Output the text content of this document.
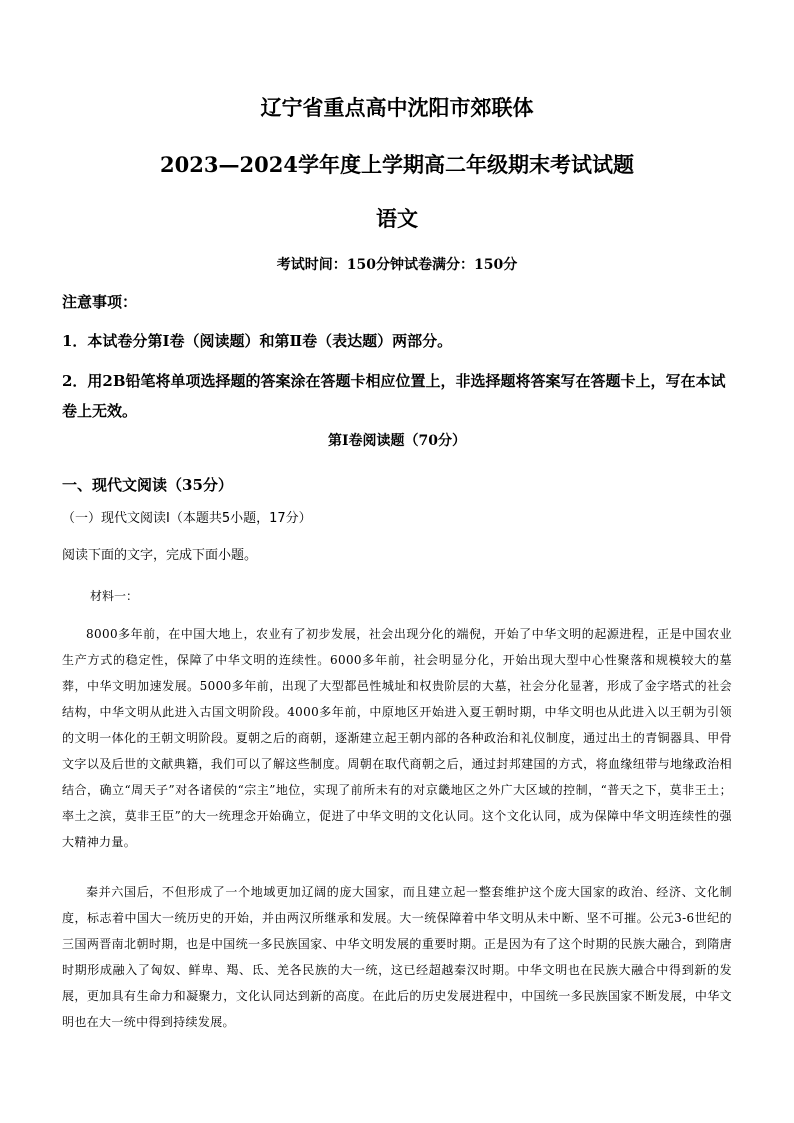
辽宁省重点高中沈阳市郊联体
2023—2024学年度上学期高二年级期末考试试题
语文
考试时间：150分钟试卷满分：150分
注意事项：
1．本试卷分第Ⅰ卷（阅读题）和第Ⅱ卷（表达题）两部分。
2．用2B铅笔将单项选择题的答案涂在答题卡相应位置上，非选择题将答案写在答题卡上，写在本试卷上无效。
第Ⅰ卷阅读题（70分）
一、现代文阅读（35分）
（一）现代文阅读Ⅰ（本题共5小题，17分）
阅读下面的文字，完成下面小题。
材料一：
8000多年前，在中国大地上，农业有了初步发展，社会出现分化的端倪，开始了中华文明的起源进程，正是中国农业生产方式的稳定性，保障了中华文明的连续性。6000多年前，社会明显分化，开始出现大型中心性聚落和规模较大的墓葬，中华文明加速发展。5000多年前，出现了大型都邑性城址和权贵阶层的大墓，社会分化显著，形成了金字塔式的社会结构，中华文明从此进入古国文明阶段。4000多年前，中原地区开始进入夏王朝时期，中华文明也从此进入以王朝为引领的文明一体化的王朝文明阶段。夏朝之后的商朝，逐渐建立起王朝内部的各种政治和礼仪制度，通过出土的青铜器具、甲骨文字以及后世的文献典籍，我们可以了解这些制度。周朝在取代商朝之后，通过封邦建国的方式，将血缘纽带与地缘政治相结合，确立“周天子”对各诸侯的“宗主”地位，实现了前所未有的对京畿地区之外广大区域的控制，“普天之下，莫非王土；率土之滨，莫非王臣”的大一统理念开始确立，促进了中华文明的文化认同。这个文化认同，成为保障中华文明连续性的强大精神力量。
秦并六国后，不但形成了一个地域更加辽阔的庞大国家，而且建立起一整套维护这个庞大国家的政治、经济、文化制度，标志着中国大一统历史的开始，并由两汉所继承和发展。大一统保障着中华文明从未中断、坚不可摧。公元3-6世纪的三国两晋南北朝时期，也是中国统一多民族国家、中华文明发展的重要时期。正是因为有了这个时期的民族大融合，到隋唐时期形成融入了匈奴、鲜卑、羯、氐、羌各民族的大一统，这已经超越秦汉时期。中华文明也在民族大融合中得到新的发展，更加具有生命力和凝聚力，文化认同达到新的高度。在此后的历史发展进程中，中国统一多民族国家不断发展，中华文明也在大一统中得到持续发展。
